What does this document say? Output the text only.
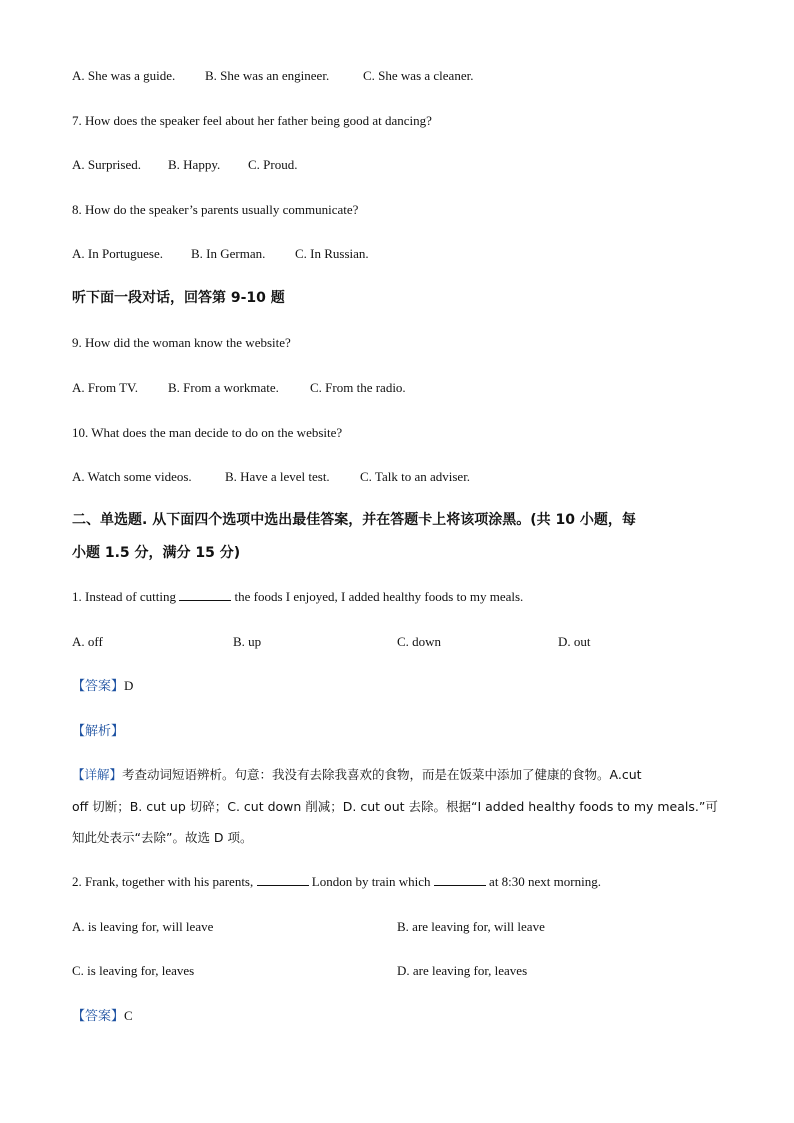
A. She was a guide. B. She was an engineer.	C. She was a cleaner.
7. How does the speaker feel about her father being good at dancing?
A. Surprised. B. Happy. C. Proud.
8. How do the speaker’s parents usually communicate?
A. In Portuguese. B. In German. C. In Russian.
听下面一段对话，回答第 9-10 题
9. How did the woman know the website?
A. From TV. B. From a workmate. C. From the radio.
10. What does the man decide to do on the website?
A. Watch some videos.	B. Have a level test. C. Talk to an adviser.
二、单选题. 从下面四个选项中选出最佳答案，并在答题卡上将该项涂黑。(共 10 小题，每
小题 1.5 分，满分 15 分)
1. Instead of cutting	the foods I enjoyed, I added healthy foods to my meals.
A. off	B. up	C. down	D. out
【答案】D
【解析】
【详解】考查动词短语辨析。句意：我没有去除我喜欢的食物，而是在饭菜中添加了健康的食物。A.cut
off 切断；B. cut up 切碎；C. cut down 削减；D. cut out 去除。根据“I added healthy foods to my meals.”可
知此处表示“去除”。故选 D 项。
2. Frank, together with his parents,	London by train which	at 8:30 next morning.
A. is leaving for, will leave	B. are leaving for, will leave
C. is leaving for, leaves	D. are leaving for, leaves
【答案】C
